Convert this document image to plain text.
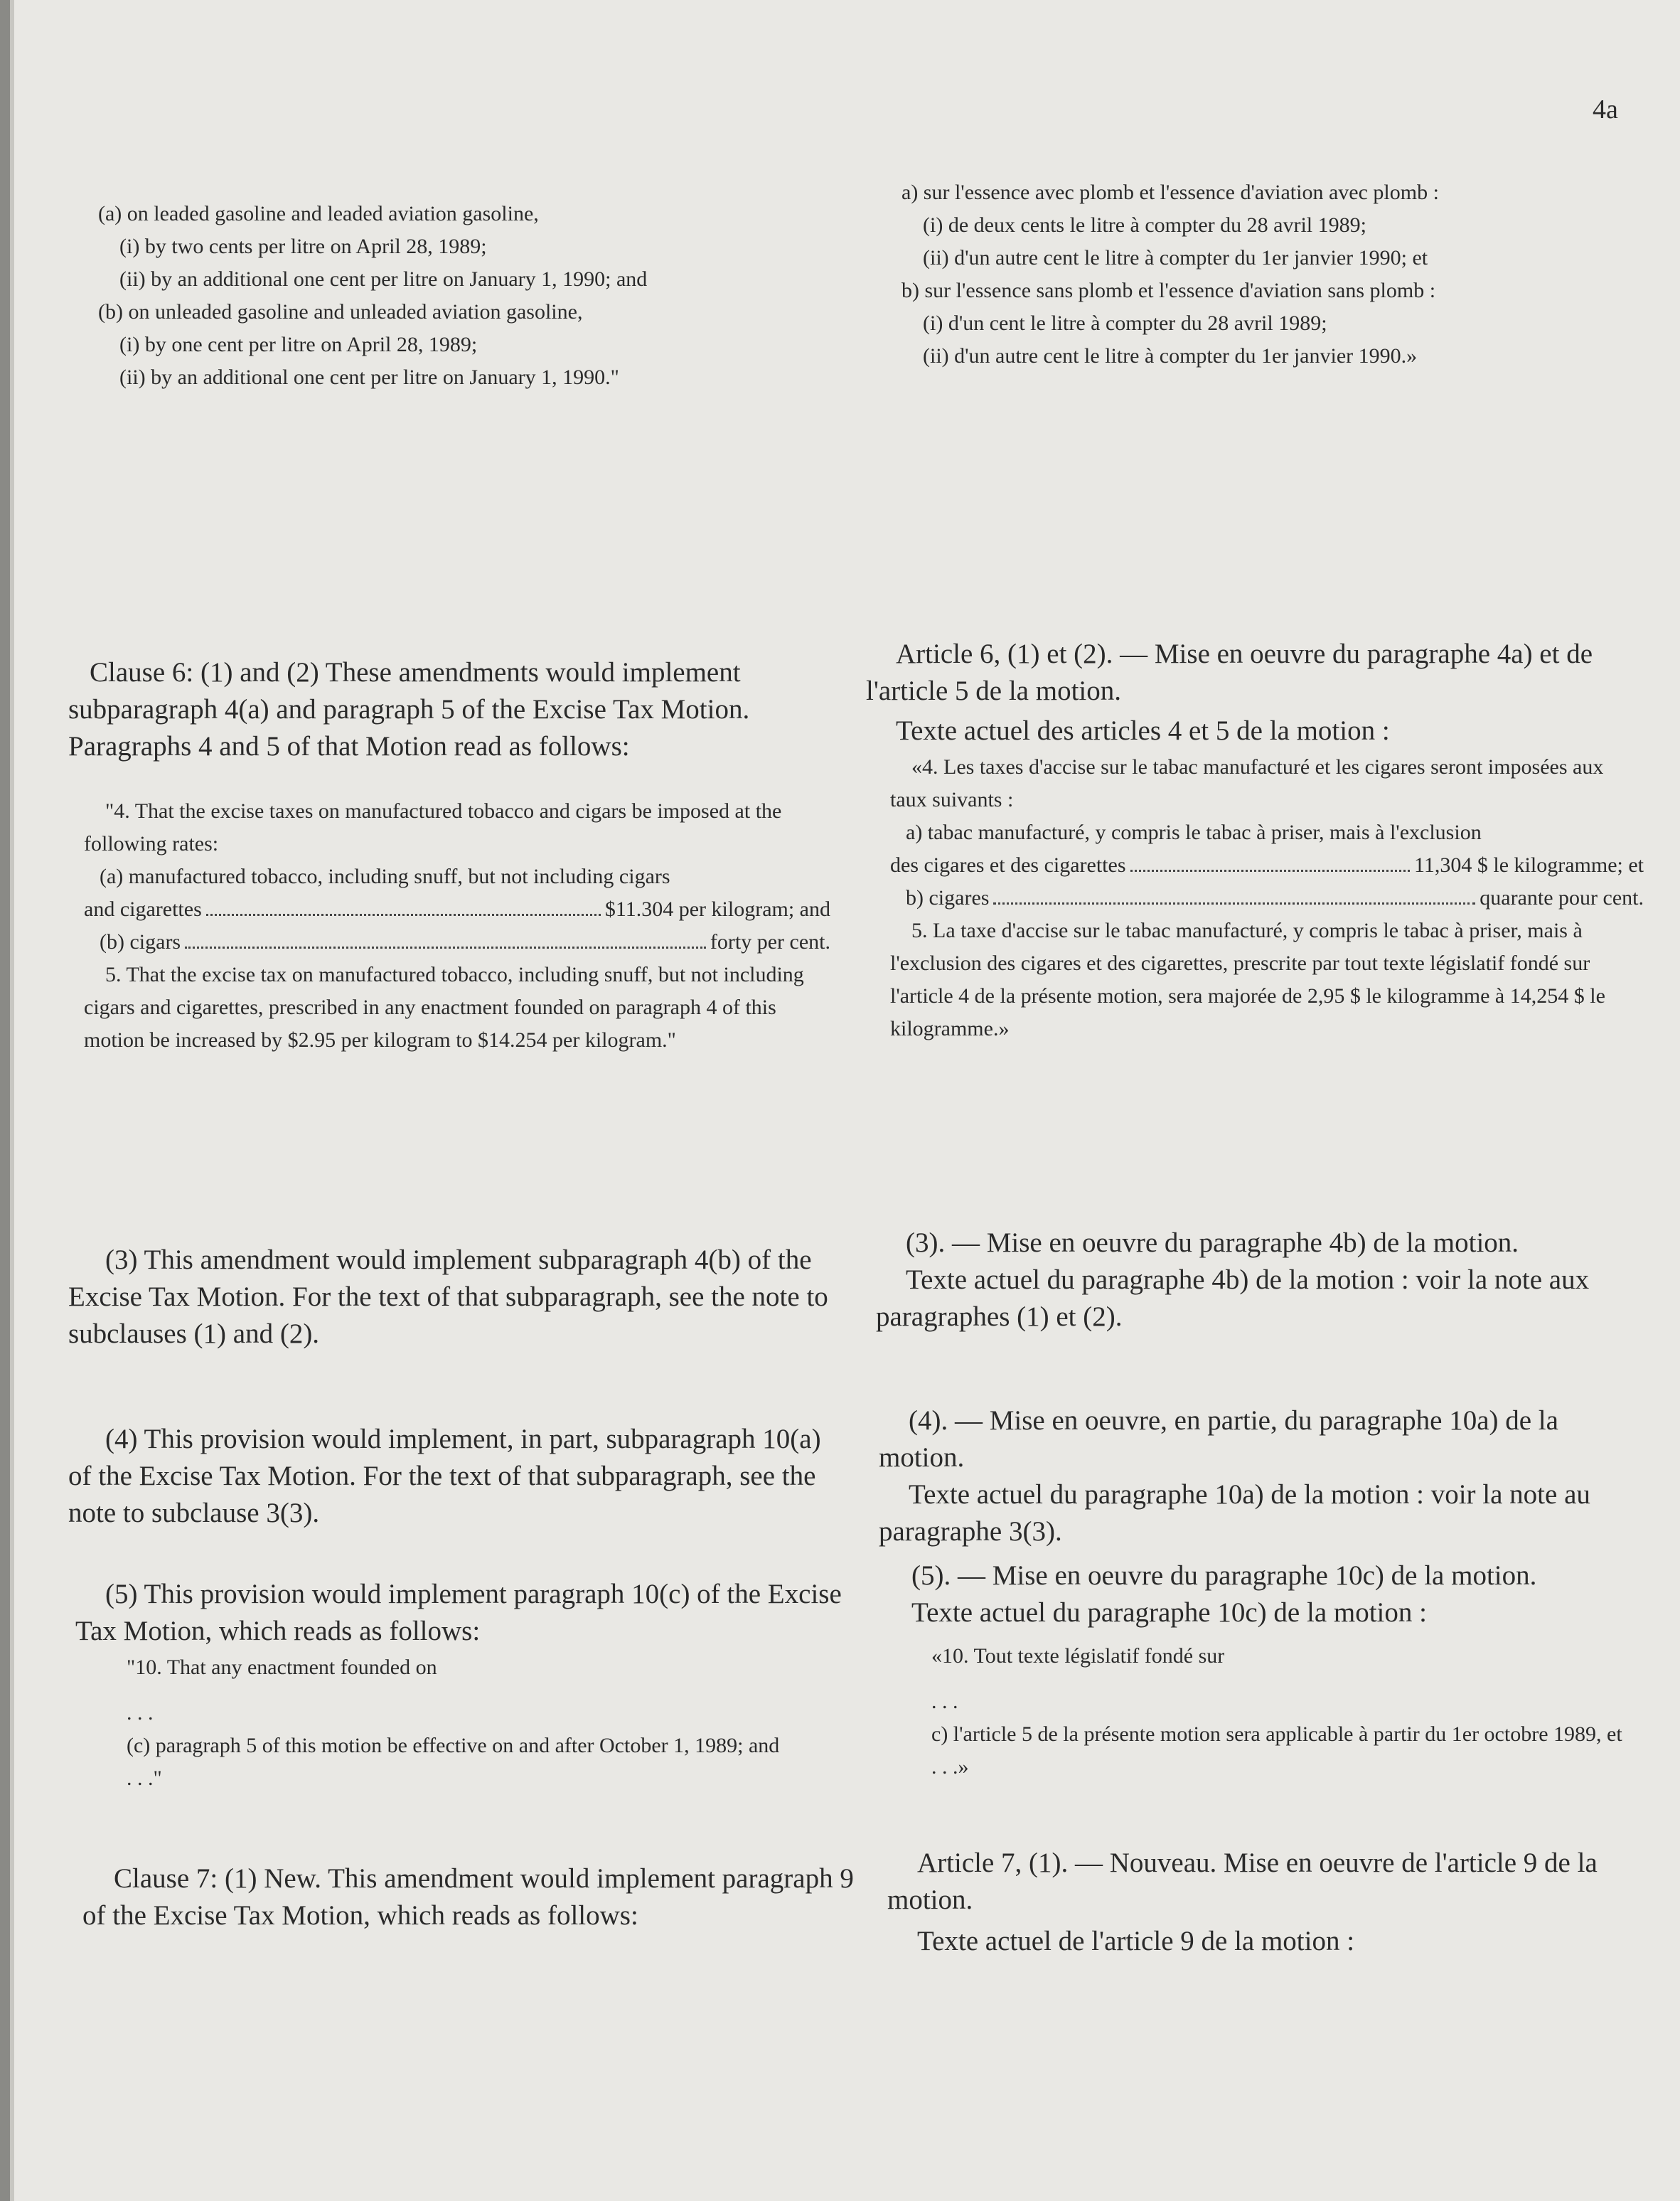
4a

(a) on leaded gasoline and leaded aviation gasoline,

(i) by two cents per litre on April 28, 1989;

(ii) by an additional one cent per litre on January 1, 1990; and

(b) on unleaded gasoline and unleaded aviation gasoline,

(i) by one cent per litre on April 28, 1989;

(ii) by an additional one cent per litre on January 1, 1990."

Clause 6: (1) and (2) These amendments would implement subparagraph 4(a) and paragraph 5 of the Excise Tax Motion. Paragraphs 4 and 5 of that Motion read as follows:

"4. That the excise taxes on manufactured tobacco and cigars be imposed at the following rates:

(a) manufactured tobacco, including snuff, but not including cigars

and cigarettes	$11.304 per kilogram; and
(b) cigars	forty per cent.

5. That the excise tax on manufactured tobacco, including snuff, but not including cigars and cigarettes, prescribed in any enactment founded on paragraph 4 of this motion be increased by $2.95 per kilogram to $14.254 per kilogram."

(3) This amendment would implement subparagraph 4(b) of the Excise Tax Motion. For the text of that subparagraph, see the note to subclauses (1) and (2).
(4) This provision would implement, in part, subparagraph 10(a) of the Excise Tax Motion. For the text of that subparagraph, see the note to subclause 3(3).
(5) This provision would implement paragraph 10(c) of the Excise Tax Motion, which reads as follows:

"10. That any enactment founded on

. . .

(c) paragraph 5 of this motion be effective on and after October 1, 1989; and

. . ."

Clause 7: (1) New. This amendment would implement paragraph 9 of the Excise Tax Motion, which reads as follows:

a) sur l'essence avec plomb et l'essence d'aviation avec plomb :

(i) de deux cents le litre à compter du 28 avril 1989;

(ii) d'un autre cent le litre à compter du 1er janvier 1990; et

b) sur l'essence sans plomb et l'essence d'aviation sans plomb :

(i) d'un cent le litre à compter du 28 avril 1989;

(ii) d'un autre cent le litre à compter du 1er janvier 1990.»

Article 6, (1) et (2). — Mise en oeuvre du paragraphe 4a) et de l'article 5 de la motion.

Texte actuel des articles 4 et 5 de la motion :

«4. Les taxes d'accise sur le tabac manufacturé et les cigares seront imposées aux taux suivants :

a) tabac manufacturé, y compris le tabac à priser, mais à l'exclusion

des cigares et des cigarettes	11,304 $ le kilogramme; et
b) cigares	quarante pour cent.

5. La taxe d'accise sur le tabac manufacturé, y compris le tabac à priser, mais à l'exclusion des cigares et des cigarettes, prescrite par tout texte législatif fondé sur l'article 4 de la présente motion, sera majorée de 2,95 $ le kilogramme à 14,254 $ le kilogramme.»

(3). — Mise en oeuvre du paragraphe 4b) de la motion.

Texte actuel du paragraphe 4b) de la motion : voir la note aux paragraphes (1) et (2).

(4). — Mise en oeuvre, en partie, du paragraphe 10a) de la motion.

Texte actuel du paragraphe 10a) de la motion : voir la note au paragraphe 3(3).

(5). — Mise en oeuvre du paragraphe 10c) de la motion.

Texte actuel du paragraphe 10c) de la motion :

«10. Tout texte législatif fondé sur

. . .

c) l'article 5 de la présente motion sera applicable à partir du 1er octobre 1989, et

. . .»

Article 7, (1). — Nouveau. Mise en oeuvre de l'article 9 de la motion.

Texte actuel de l'article 9 de la motion :
